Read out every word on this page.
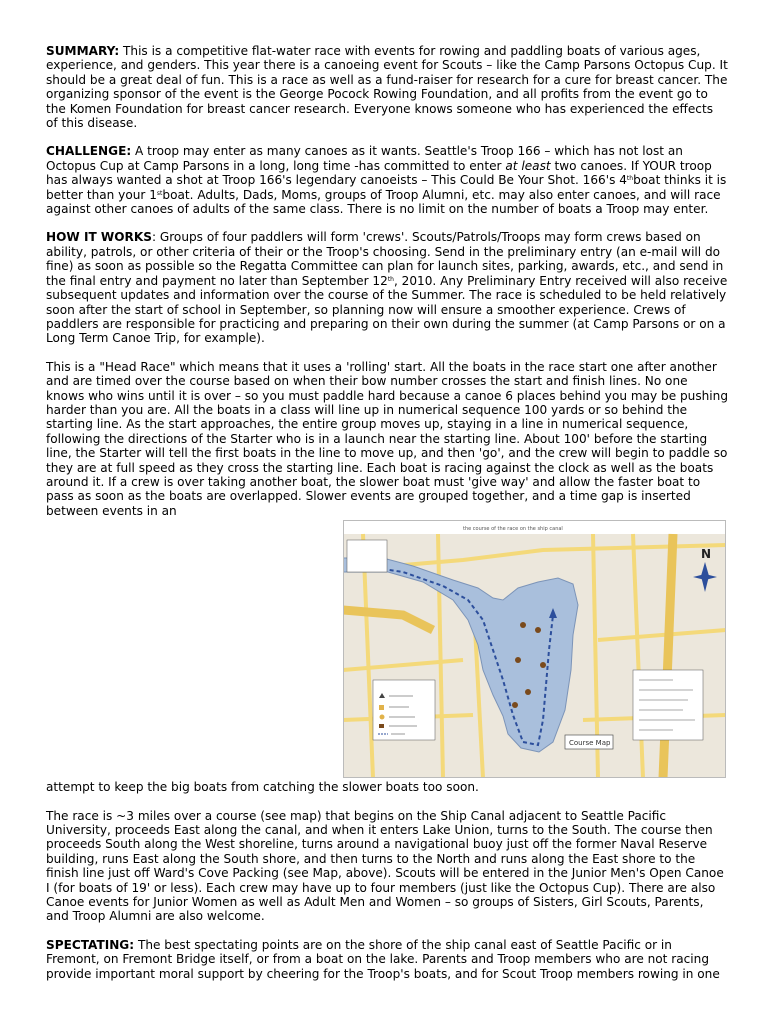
SUMMARY: This is a competitive flat-water race with events for rowing and paddling boats of various ages, experience, and genders. This year there is a canoeing event for Scouts – like the Camp Parsons Octopus Cup. It should be a great deal of fun. This is a race as well as a fund-raiser for research for a cure for breast cancer. The organizing sponsor of the event is the George Pocock Rowing Foundation, and all profits from the event go to the Komen Foundation for breast cancer research. Everyone knows someone who has experienced the effects of this disease.

CHALLENGE: A troop may enter as many canoes as it wants. Seattle's Troop 166 – which has not lost an Octopus Cup at Camp Parsons in a long, long time -has committed to enter at least two canoes. If YOUR troop has always wanted a shot at Troop 166's legendary canoeists – This Could Be Your Shot. 166's 4thboat thinks it is better than your 1stboat. Adults, Dads, Moms, groups of Troop Alumni, etc. may also enter canoes, and will race against other canoes of adults of the same class. There is no limit on the number of boats a Troop may enter.

HOW IT WORKS: Groups of four paddlers will form 'crews'. Scouts/Patrols/Troops may form crews based on ability, patrols, or other criteria of their or the Troop's choosing. Send in the preliminary entry (an e-mail will do fine) as soon as possible so the Regatta Committee can plan for launch sites, parking, awards, etc., and send in the final entry and payment no later than September 12th, 2010. Any Preliminary Entry received will also receive subsequent updates and information over the course of the Summer. The race is scheduled to be held relatively soon after the start of school in September, so planning now will ensure a smoother experience. Crews of paddlers are responsible for practicing and preparing on their own during the summer (at Camp Parsons or on a Long Term Canoe Trip, for example).

This is a "Head Race" which means that it uses a 'rolling' start. All the boats in the race start one after another and are timed over the course based on when their bow number crosses the start and finish lines. No one knows who wins until it is over – so you must paddle hard because a canoe 6 places behind you may be pushing harder than you are. All the boats in a class will line up in numerical sequence 100 yards or so behind the starting line. As the start approaches, the entire group moves up, staying in a line in numerical sequence, following the directions of the Starter who is in a launch near the starting line. About 100' before the starting line, the Starter will tell the first boats in the line to move up, and then 'go', and the crew will begin to paddle so they are at full speed as they cross the starting line. Each boat is racing against the clock as well as the boats around it. If a crew is over taking another boat, the slower boat must 'give way' and allow the faster boat to pass as soon as the boats are overlapped. Slower events are grouped together, and a time gap is inserted between events in an

the course of the race on the ship canal
Course Map
N

attempt to keep the big boats from catching the slower boats too soon.

The race is ~3 miles over a course (see map) that begins on the Ship Canal adjacent to Seattle Pacific University, proceeds East along the canal, and when it enters Lake Union, turns to the South. The course then proceeds South along the West shoreline, turns around a navigational buoy just off the former Naval Reserve building, runs East along the South shore, and then turns to the North and runs along the East shore to the finish line just off Ward's Cove Packing (see Map, above). Scouts will be entered in the Junior Men's Open Canoe I (for boats of 19' or less). Each crew may have up to four members (just like the Octopus Cup). There are also Canoe events for Junior Women as well as Adult Men and Women – so groups of Sisters, Girl Scouts, Parents, and Troop Alumni are also welcome.

SPECTATING: The best spectating points are on the shore of the ship canal east of Seattle Pacific or in Fremont, on Fremont Bridge itself, or from a boat on the lake. Parents and Troop members who are not racing provide important moral support by cheering for the Troop's boats, and for Scout Troop members rowing in one
